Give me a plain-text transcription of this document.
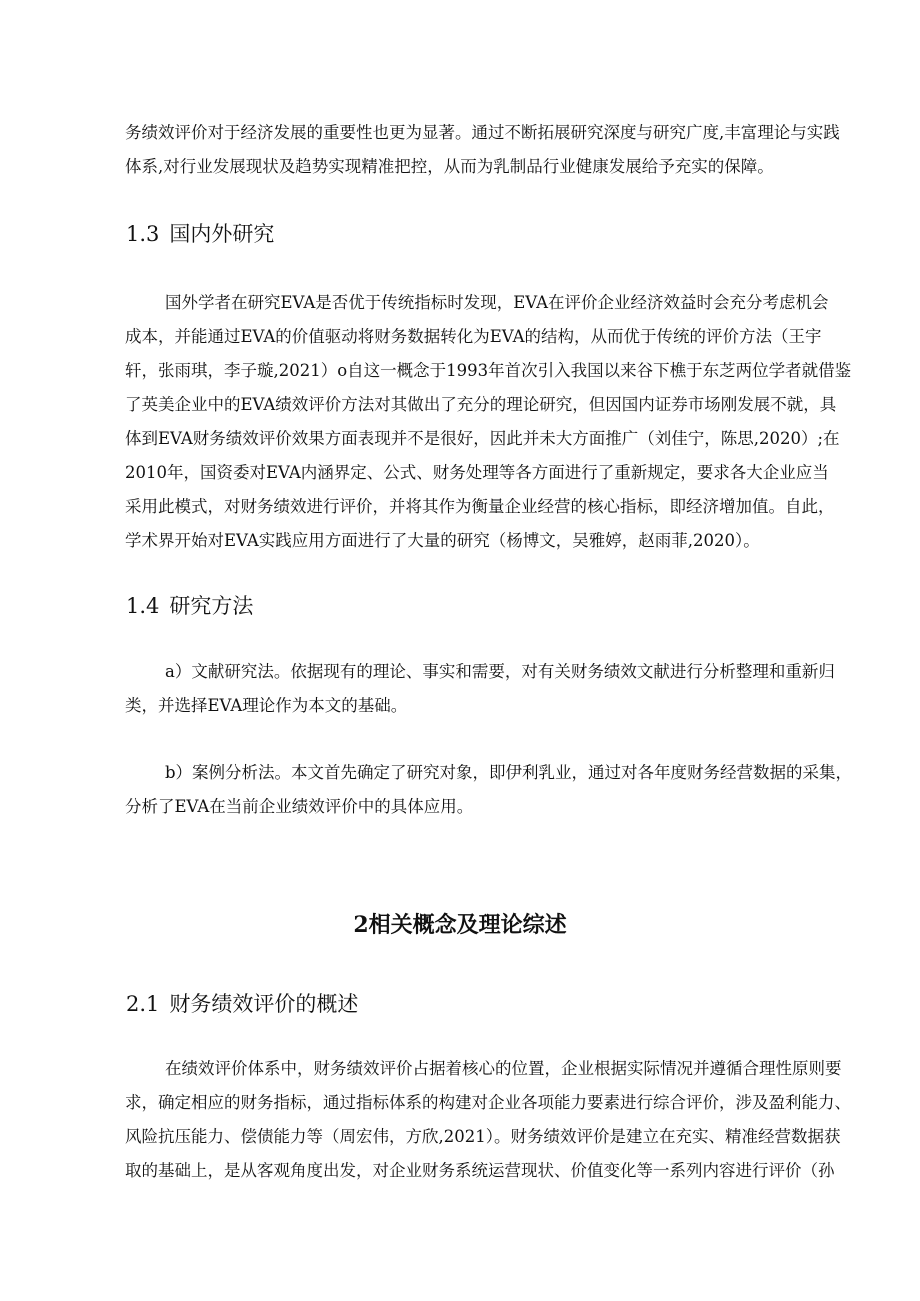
务绩效评价对于经济发展的重要性也更为显著。通过不断拓展研究深度与研究广度,丰富理论与实践
体系,对行业发展现状及趋势实现精准把控，从而为乳制品行业健康发展给予充实的保障。

1.3 国内外研究

国外学者在研究EVA是否优于传统指标时发现，EVA在评价企业经济效益时会充分考虑机会
成本，并能通过EVA的价值驱动将财务数据转化为EVA的结构，从而优于传统的评价方法（王宇
轩，张雨琪，李子璇,2021）o自这一概念于1993年首次引入我国以来谷下樵于东芝两位学者就借鉴
了英美企业中的EVA绩效评价方法对其做出了充分的理论研究，但因国内证券市场刚发展不就，具
体到EVA财务绩效评价效果方面表现并不是很好，因此并未大方面推广（刘佳宁，陈思,2020）;在
2010年，国资委对EVA内涵界定、公式、财务处理等各方面进行了重新规定，要求各大企业应当
采用此模式，对财务绩效进行评价，并将其作为衡量企业经营的核心指标，即经济增加值。自此，
学术界开始对EVA实践应用方面进行了大量的研究（杨博文，吴雅婷，赵雨菲,2020）。

1.4 研究方法

a）文献研究法。依据现有的理论、事实和需要，对有关财务绩效文献进行分析整理和重新归
类，并选择EVA理论作为本文的基础。

b）案例分析法。本文首先确定了研究对象，即伊利乳业，通过对各年度财务经营数据的采集，
分析了EVA在当前企业绩效评价中的具体应用。

2相关概念及理论综述
2.1 财务绩效评价的概述

在绩效评价体系中，财务绩效评价占据着核心的位置，企业根据实际情况并遵循合理性原则要
求，确定相应的财务指标，通过指标体系的构建对企业各项能力要素进行综合评价，涉及盈利能力、
风险抗压能力、偿债能力等（周宏伟，方欣,2021）。财务绩效评价是建立在充实、精准经营数据获
取的基础上，是从客观角度出发，对企业财务系统运营现状、价值变化等一系列内容进行评价（孙
